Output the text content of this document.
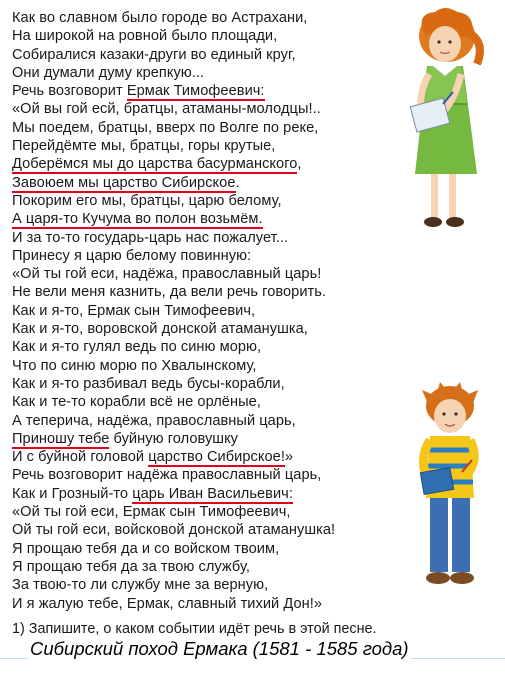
Как во славном было городе во Астрахани,
На широкой на ровной было площади,
Собиралися казаки-други во единый круг,
Они думали думу крепкую...
Речь возговорит Ермак Тимофеевич:
«Ой вы гой есй, братцы, атаманы-молодцы!..
Мы поедем, братцы, вверх по Волге по реке,
Перейдёмте мы, братцы, горы крутые,
Доберёмся мы до царства басурманского,
Завоюем мы царство Сибирское.
Покорим его мы, братцы, царю белому,
А царя-то Кучума во полон возьмём.
И за то-то государь-царь нас пожалует...
Принесу я царю белому повинную:
«Ой ты гой еси, надёжа, православный царь!
Не вели меня казнить, да вели речь говорить.
Как и я-то, Ермак сын Тимофеевич,
Как и я-то, воровской донской атаманушка,
Как и я-то гулял ведь по синю морю,
Что по синю морю по Хвалынскому,
Как и я-то разбивал ведь бусы-корабли,
Как и те-то корабли всё не орлёные,
А теперича, надёжа, православный царь,
Приношу тебе буйную головушку
И с буйной головой царство Сибирское!»
Речь возговорит надёжа православный царь,
Как и Грозный-то царь Иван Васильевич:
«Ой ты гой еси, Ермак сын Тимофеевич,
Ой ты гой еси, войсковой донской атаманушка!
Я прощаю тебя да и со войском твоим,
Я прощаю тебя да за твою службу,
За твою-то ли службу мне за верную,
И я жалую тебе, Ермак, славный тихий Дон!»
1) Запишите, о каком событии идёт речь в этой песне.
Сибирский поход Ермака (1581 - 1585 года)
